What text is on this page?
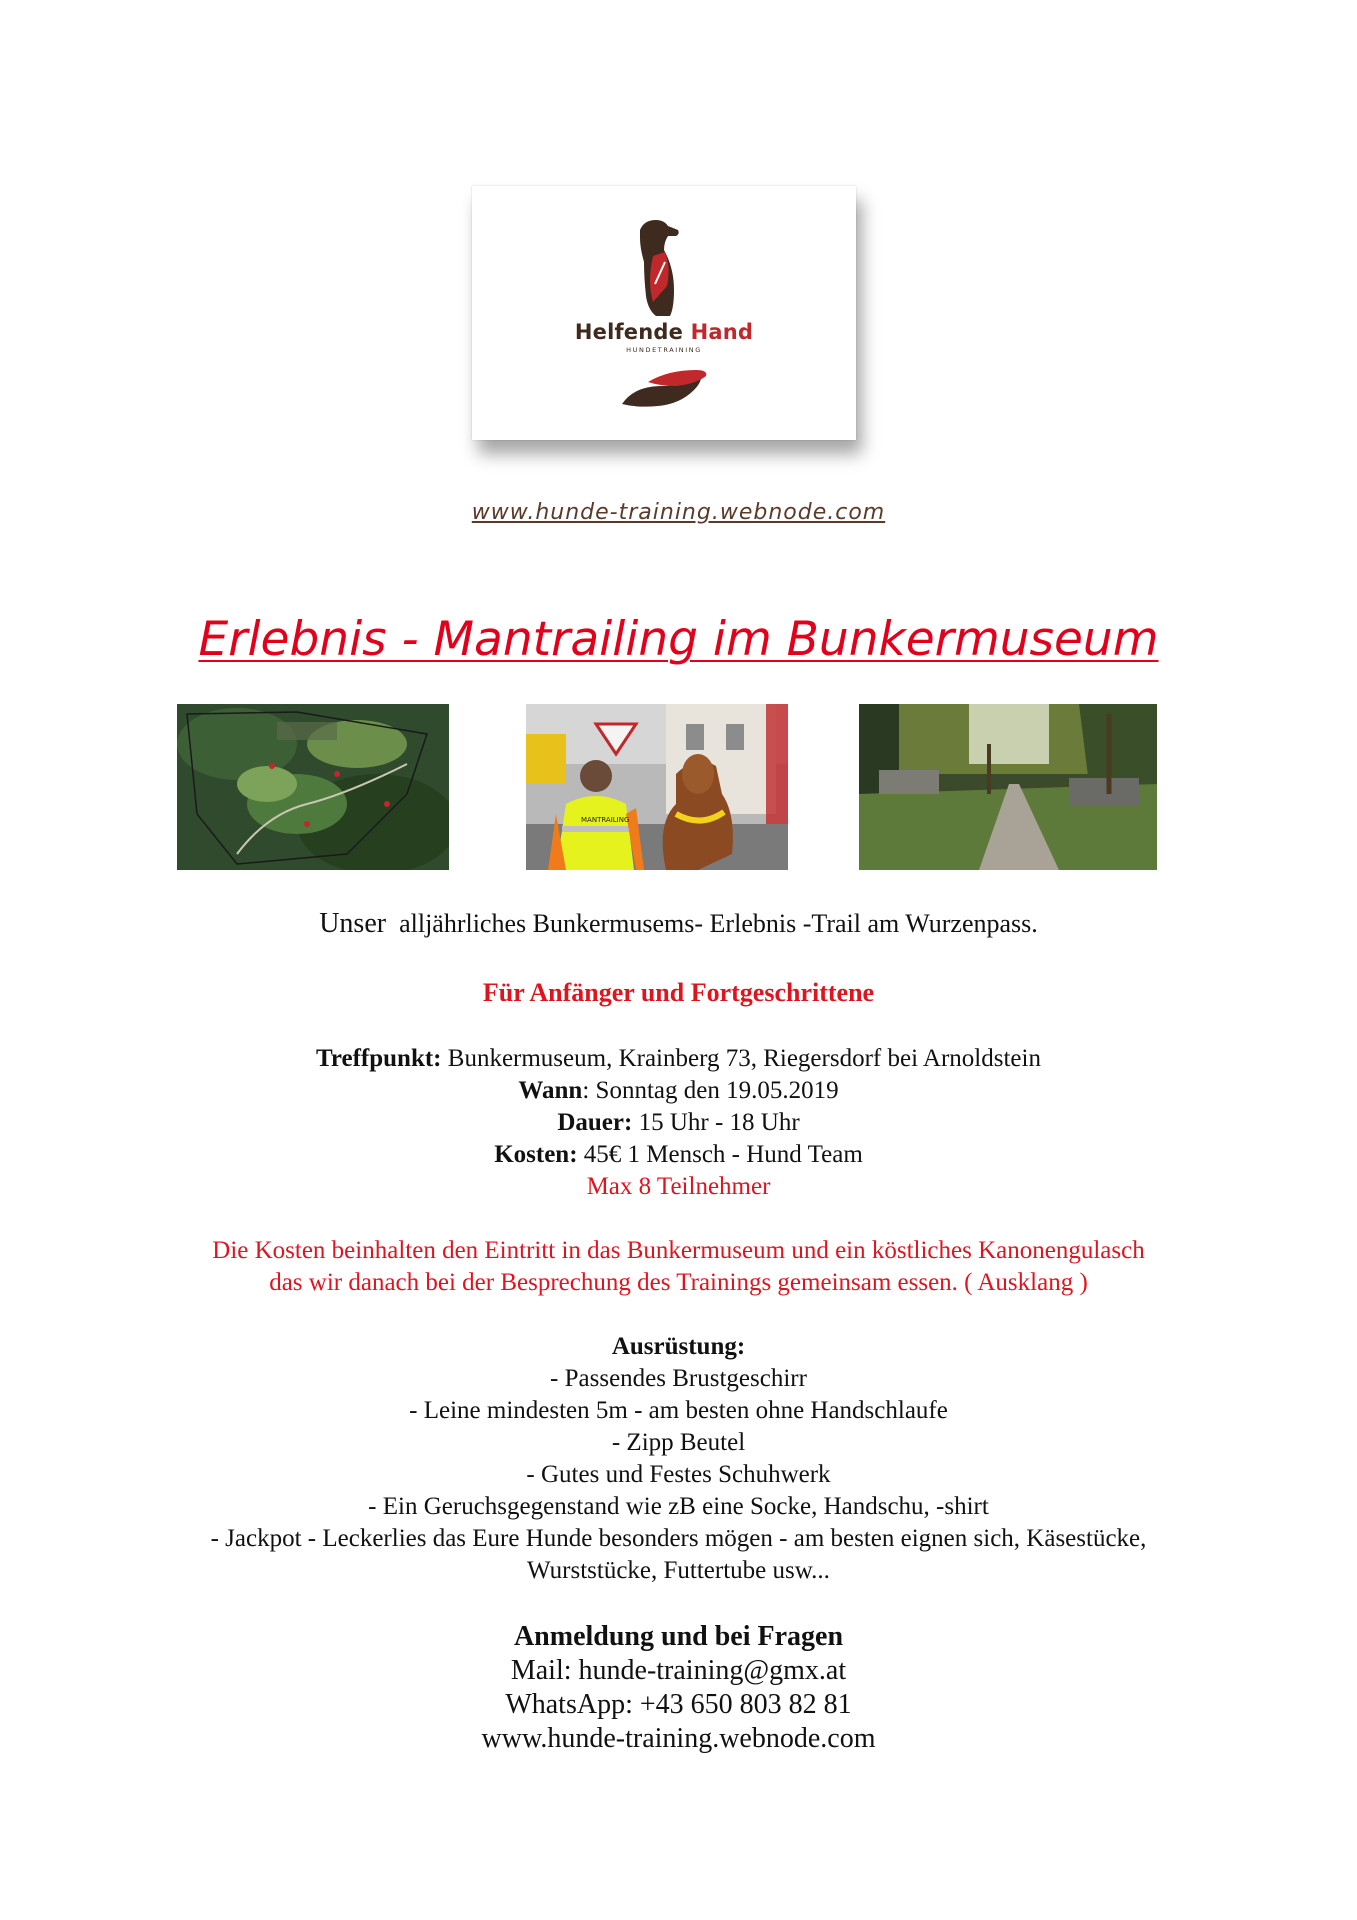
Helfende Hand
HUNDETRAINING
www.hunde-training.webnode.com
Erlebnis - Mantrailing im Bunkermuseum
MANTRAILING
Unser alljährliches Bunkermusems- Erlebnis -Trail am Wurzenpass.
Für Anfänger und Fortgeschrittene
Treffpunkt: Bunkermuseum, Krainberg 73, Riegersdorf bei Arnoldstein
Wann: Sonntag den 19.05.2019
Dauer: 15 Uhr - 18 Uhr
Kosten: 45€ 1 Mensch - Hund Team
Max 8 Teilnehmer
Die Kosten beinhalten den Eintritt in das Bunkermuseum und ein köstliches Kanonengulasch
das wir danach bei der Besprechung des Trainings gemeinsam essen. ( Ausklang )
Ausrüstung:
- Passendes Brustgeschirr
- Leine mindesten 5m - am besten ohne Handschlaufe
- Zipp Beutel
- Gutes und Festes Schuhwerk
- Ein Geruchsgegenstand wie zB eine Socke, Handschu, -shirt
- Jackpot - Leckerlies das Eure Hunde besonders mögen - am besten eignen sich, Käsestücke,
Wurststücke, Futtertube usw...
Anmeldung und bei Fragen
Mail: hunde-training@gmx.at
WhatsApp: +43 650 803 82 81
www.hunde-training.webnode.com
